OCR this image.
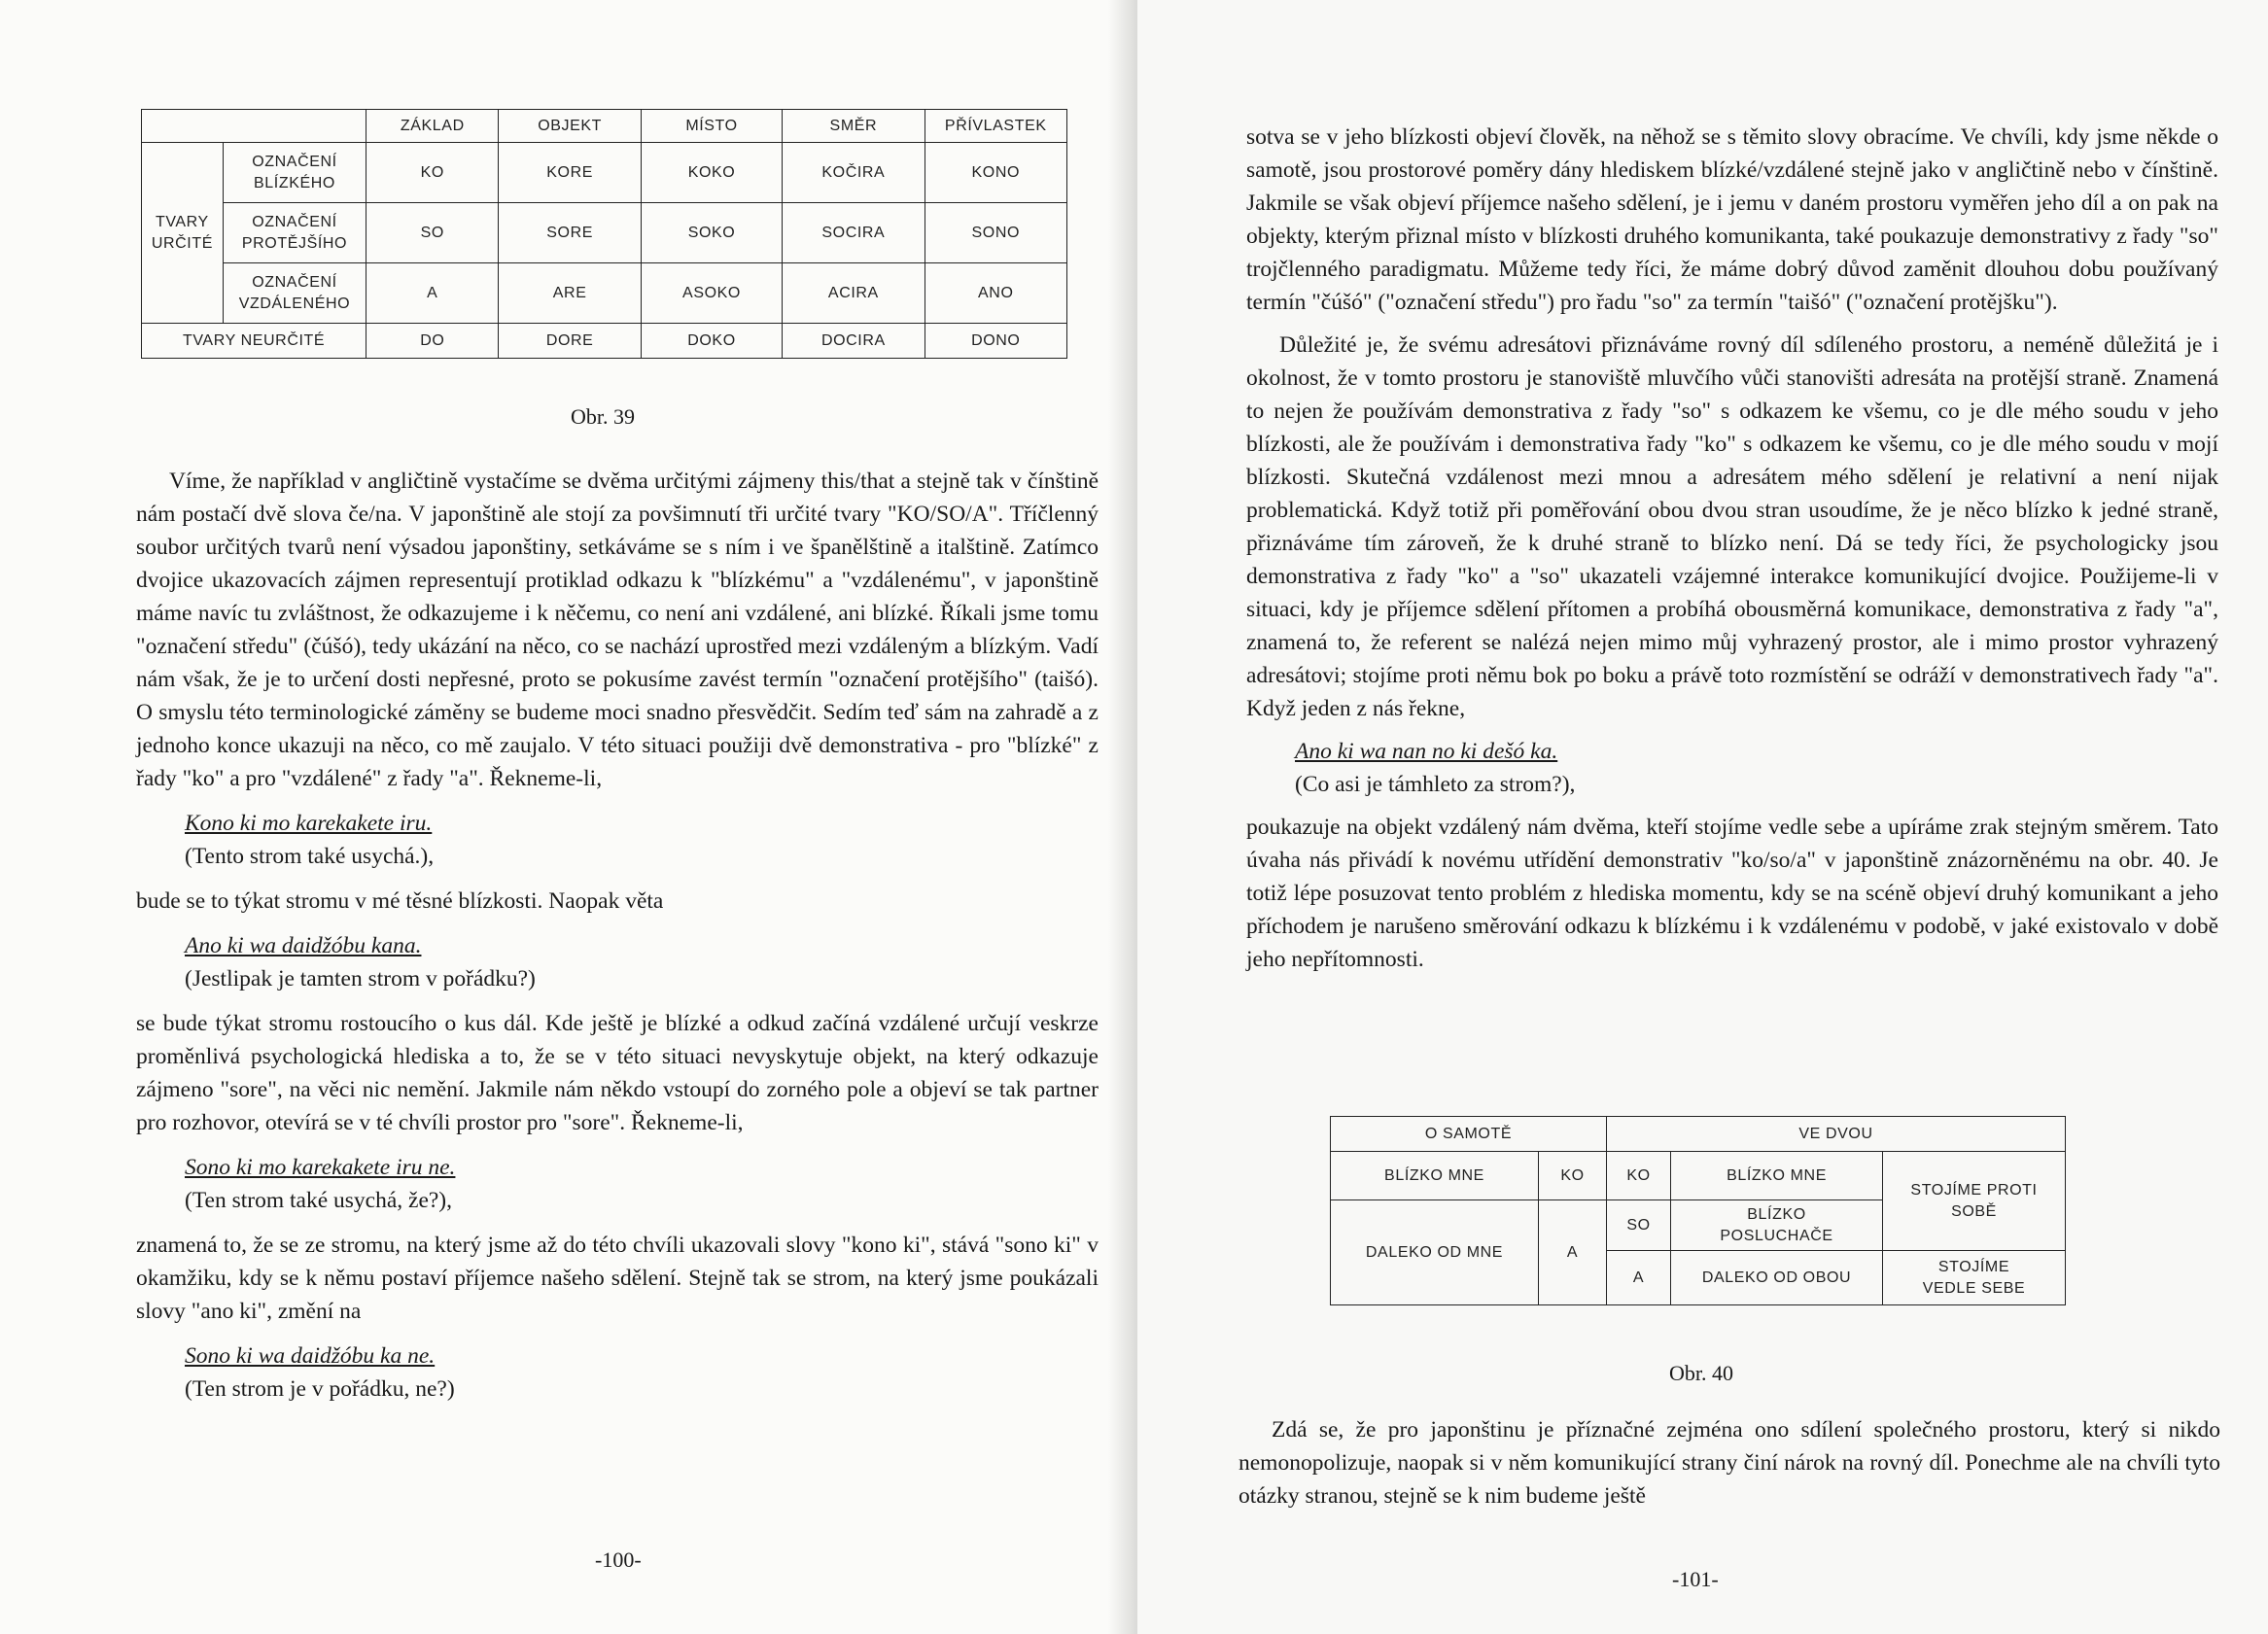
		ZÁKLAD	OBJEKT	MÍSTO	SMĚR	PŘÍVLASTEK
TVARY URČITÉ	OZNAČENÍ BLÍZKÉHO	KO	KORE	KOKO	KOČIRA	KONO
	OZNAČENÍ PROTĚJŠÍHO	SO	SORE	SOKO	SOCIRA	SONO
	OZNAČENÍ VZDÁLENÉHO	A	ARE	ASOKO	ACIRA	ANO
TVARY NEURČITÉ		DO	DORE	DOKO	DOCIRA	DONO
Obr. 39

Víme, že například v angličtině vystačíme se dvěma určitými zájmeny this/that a stejně tak v čínštině nám postačí dvě slova če/na. V japonštině ale stojí za povšimnutí tři určité tvary "KO/SO/A". Tříčlenný soubor určitých tvarů není výsadou japonštiny, setkáváme se s ním i ve španělštině a italštině. Zatímco dvojice ukazovacích zájmen representují protiklad odkazu k "blízkému" a "vzdálenému", v japonštině máme navíc tu zvláštnost, že odkazujeme i k něčemu, co není ani vzdálené, ani blízké. Říkali jsme tomu "označení středu" (čúšó), tedy ukázání na něco, co se nachází uprostřed mezi vzdáleným a blízkým. Vadí nám však, že je to určení dosti nepřesné, proto se pokusíme zavést termín "označení protějšího" (taišó). O smyslu této terminologické záměny se budeme moci snadno přesvědčit. Sedím teď sám na zahradě a z jednoho konce ukazuji na něco, co mě zaujalo. V této situaci použiji dvě demonstrativa - pro "blízké" z řady "ko" a pro "vzdálené" z řady "a". Řekneme-li,

Kono ki mo karekakete iru.
(Tento strom také usychá.),

bude se to týkat stromu v mé těsné blízkosti. Naopak věta

Ano ki wa daidžóbu kana.
(Jestlipak je tamten strom v pořádku?)

se bude týkat stromu rostoucího o kus dál. Kde ještě je blízké a odkud začíná vzdálené určují veskrze proměnlivá psychologická hlediska a to, že se v této situaci nevyskytuje objekt, na který odkazuje zájmeno "sore", na věci nic nemění. Jakmile nám někdo vstoupí do zorného pole a objeví se tak partner pro rozhovor, otevírá se v té chvíli prostor pro "sore". Řekneme-li,

Sono ki mo karekakete iru ne.
(Ten strom také usychá, že?),

znamená to, že se ze stromu, na který jsme až do této chvíli ukazovali slovy "kono ki", stává "sono ki" v okamžiku, kdy se k němu postaví příjemce našeho sdělení. Stejně tak se strom, na který jsme poukázali slovy "ano ki", změní na

Sono ki wa daidžóbu ka ne.
(Ten strom je v pořádku, ne?)
-100-

sotva se v jeho blízkosti objeví člověk, na něhož se s těmito slovy obracíme. Ve chvíli, kdy jsme někde o samotě, jsou prostorové poměry dány hlediskem blízké/vzdálené stejně jako v angličtině nebo v čínštině. Jakmile se však objeví příjemce našeho sdělení, je i jemu v daném prostoru vyměřen jeho díl a on pak na objekty, kterým přiznal místo v blízkosti druhého komunikanta, také poukazuje demonstrativy z řady "so" trojčlenného paradigmatu. Můžeme tedy říci, že máme dobrý důvod zaměnit dlouhou dobu používaný termín "čúšó" ("označení středu") pro řadu "so" za termín "taišó" ("označení protějšku").

Důležité je, že svému adresátovi přiznáváme rovný díl sdíleného prostoru, a neméně důležitá je i okolnost, že v tomto prostoru je stanoviště mluvčího vůči stanovišti adresáta na protější straně. Znamená to nejen že používám demonstrativa z řady "so" s odkazem ke všemu, co je dle mého soudu v jeho blízkosti, ale že používám i demonstrativa řady "ko" s odkazem ke všemu, co je dle mého soudu v mojí blízkosti. Skutečná vzdálenost mezi mnou a adresátem mého sdělení je relativní a není nijak problematická. Když totiž při poměřování obou dvou stran usoudíme, že je něco blízko k jedné straně, přiznáváme tím zároveň, že k druhé straně to blízko není. Dá se tedy říci, že psychologicky jsou demonstrativa z řady "ko" a "so" ukazateli vzájemné interakce komunikující dvojice. Použijeme-li v situaci, kdy je příjemce sdělení přítomen a probíhá obousměrná komunikace, demonstrativa z řady "a", znamená to, že referent se nalézá nejen mimo můj vyhrazený prostor, ale i mimo prostor vyhrazený adresátovi; stojíme proti němu bok po boku a právě toto rozmístění se odráží v demonstrativech řady "a". Když jeden z nás řekne,

Ano ki wa nan no ki dešó ka.
(Co asi je támhleto za strom?),

poukazuje na objekt vzdálený nám dvěma, kteří stojíme vedle sebe a upíráme zrak stejným směrem. Tato úvaha nás přivádí k novému utřídění demonstrativ "ko/so/a" v japonštině znázorněnému na obr. 40. Je totiž lépe posuzovat tento problém z hlediska momentu, kdy se na scéně objeví druhý komunikant a jeho příchodem je narušeno směrování odkazu k blízkému i k vzdálenému v podobě, v jaké existovalo v době jeho nepřítomnosti.

O SAMOTĚ		VE DVOU		
BLÍZKO MNE	KO	KO	BLÍZKO MNE	STOJÍME PROTI SOBĚ
DALEKO OD MNE	A	SO	BLÍZKO POSLUCHAČE	
		A	DALEKO OD OBOU	STOJÍME VEDLE SEBE
Obr. 40

Zdá se, že pro japonštinu je příznačné zejména ono sdílení společného prostoru, který si nikdo nemonopolizuje, naopak si v něm komunikující strany činí nárok na rovný díl. Ponechme ale na chvíli tyto otázky stranou, stejně se k nim budeme ještě

-101-
